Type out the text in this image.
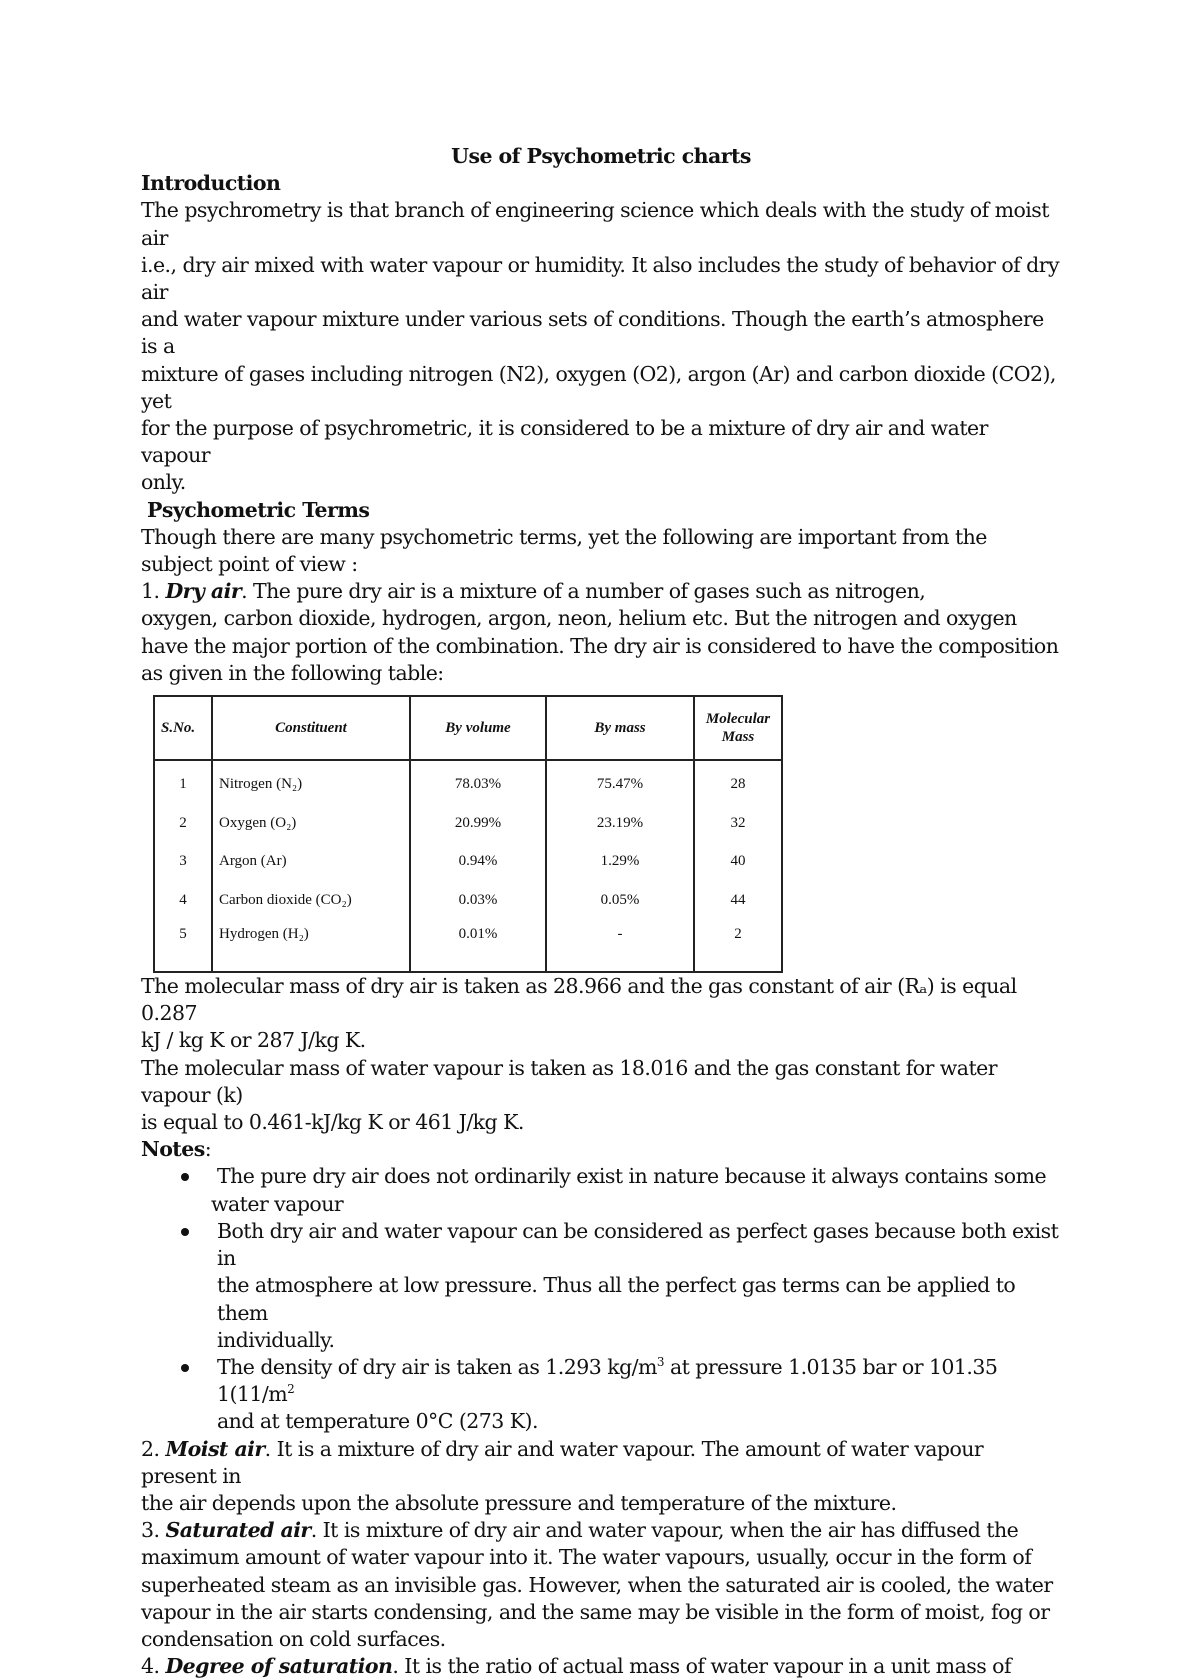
Use of Psychometric charts

Introduction

The psychrometry is that branch of engineering science which deals with the study of moist air

i.e., dry air mixed with water vapour or humidity. It also includes the study of behavior of dry air

and water vapour mixture under various sets of conditions. Though the earth’s atmosphere is a

mixture of gases including nitrogen (N2), oxygen (O2), argon (Ar) and carbon dioxide (CO2), yet

for the purpose of psychrometric, it is considered to be a mixture of dry air and water vapour

only.

Psychometric Terms

Though there are many psychometric terms, yet the following are important from the

subject point of view :

1. Dry air. The pure dry air is a mixture of a number of gases such as nitrogen,

oxygen, carbon dioxide, hydrogen, argon, neon, helium etc. But the nitrogen and oxygen

have the major portion of the combination. The dry air is considered to have the composition

as given in the following table:

S.No.	Constituent	By volume	By mass	Molecular Mass
1	Nitrogen (N₂)	78.03%	75.47%	28
2	Oxygen (O₂)	20.99%	23.19%	32
3	Argon (Ar)	0.94%	1.29%	40
4	Carbon dioxide (CO₂)	0.03%	0.05%	44
5	Hydrogen (H₂)	0.01%	-	2

The molecular mass of dry air is taken as 28.966 and the gas constant of air (Rₐ) is equal 0.287

kJ / kg K or 287 J/kg K.

The molecular mass of water vapour is taken as 18.016 and the gas constant for water vapour (k)

is equal to 0.461-kJ/kg K or 461 J/kg K.

Notes:

The pure dry air does not ordinarily exist in nature because it always contains some

water vapour

Both dry air and water vapour can be considered as perfect gases because both exist in

the atmosphere at low pressure. Thus all the perfect gas terms can be applied to them

individually.

The density of dry air is taken as 1.293 $kg/m^3$ at pressure 1.0135 bar or 101.35 $1(11/m^2$

and at temperature 0°C (273 K).

2. Moist air. It is a mixture of dry air and water vapour. The amount of water vapour present in

the air depends upon the absolute pressure and temperature of the mixture.

3. Saturated air. It is mixture of dry air and water vapour, when the air has diffused the

maximum amount of water vapour into it. The water vapours, usually, occur in the form of

superheated steam as an invisible gas. However, when the saturated air is cooled, the water

vapour in the air starts condensing, and the same may be visible in the form of moist, fog or

condensation on cold surfaces.

4. Degree of saturation. It is the ratio of actual mass of water vapour in a unit mass of
